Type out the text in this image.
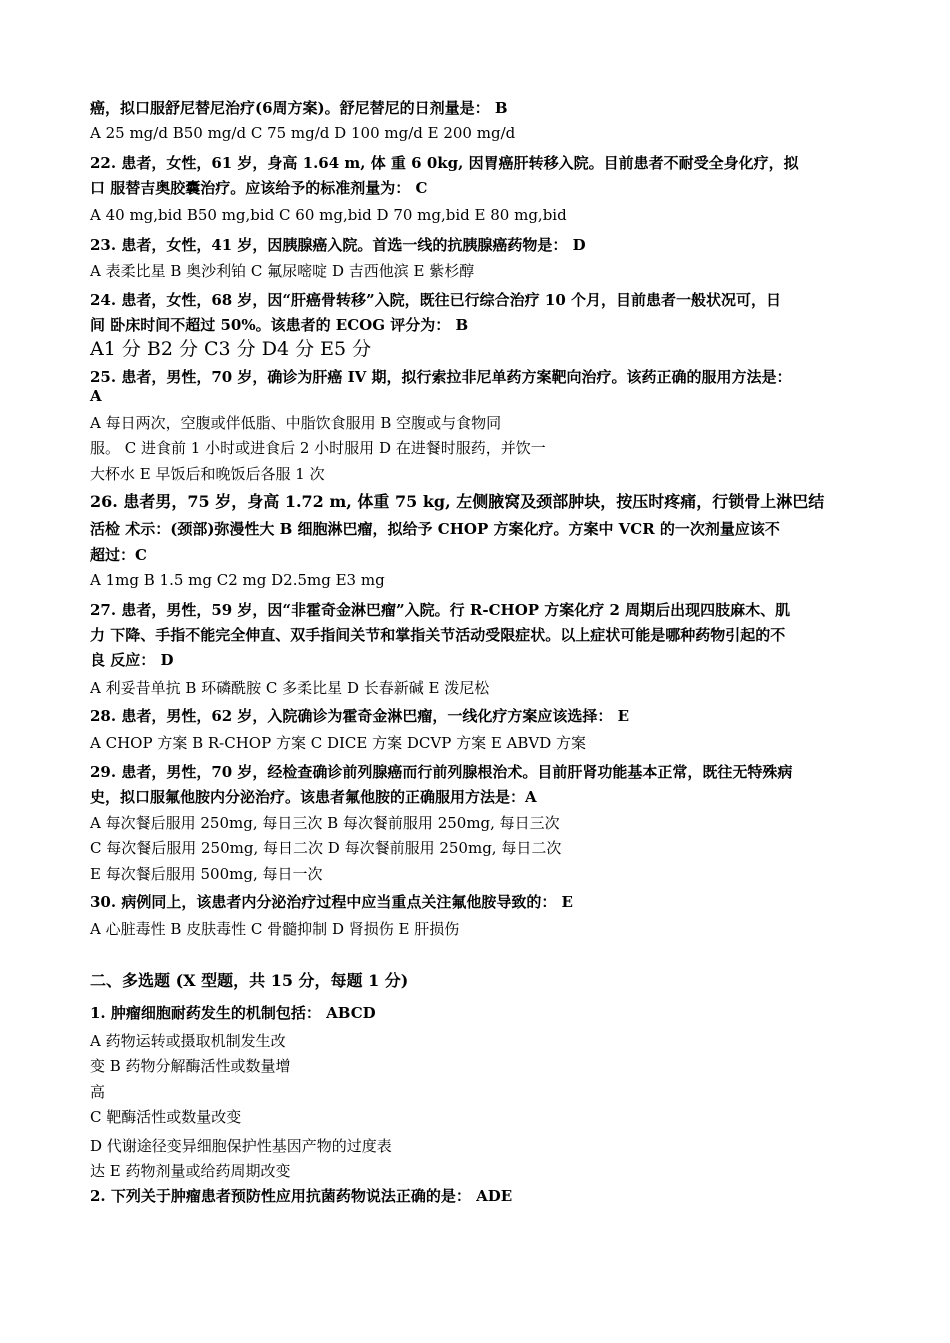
癌，拟口服舒尼替尼治疗(6周方案)。舒尼替尼的日剂量是： B

A 25 mg/d B50 mg/d C 75 mg/d D 100 mg/d E 200 mg/d

22. 患者，女性，61 岁，身高 1.64 m, 体 重 6 0kg, 因胃癌肝转移入院。目前患者不耐受全身化疗，拟

口 服替吉奥胶囊治疗。应该给予的标准剂量为： C

A 40 mg,bid B50 mg,bid C 60 mg,bid D 70 mg,bid E 80 mg,bid

23. 患者，女性，41 岁，因胰腺癌入院。首选一线的抗胰腺癌药物是： D

A 表柔比星 B 奥沙利铂 C 氟尿嘧啶 D 吉西他滨 E 紫杉醇

24. 患者，女性，68 岁，因“肝癌骨转移”入院，既往已行综合治疗 10 个月，目前患者一般状况可，日

间 卧床时间不超过 50%。该患者的 ECOG 评分为： B

A1 分 B2 分 C3 分 D4 分 E5 分

25. 患者，男性，70 岁，确诊为肝癌 IV 期，拟行索拉非尼单药方案靶向治疗。该药正确的服用方法是：

A

A 每日两次，空腹或伴低脂、中脂饮食服用 B 空腹或与食物同

服。 C 进食前 1 小时或进食后 2 小时服用 D 在进餐时服药，并饮一

大杯水 E 早饭后和晚饭后各服 1 次

26. 患者男，75 岁，身高 1.72 m, 体重 75 kg, 左侧腋窝及颈部肿块，按压时疼痛，行锁骨上淋巴结

活检 术示：(颈部)弥漫性大 B 细胞淋巴瘤，拟给予 CHOP 方案化疗。方案中 VCR 的一次剂量应该不

超过：C

A 1mg B 1.5 mg C2 mg D2.5mg E3 mg

27. 患者，男性，59 岁，因“非霍奇金淋巴瘤”入院。行 R-CHOP 方案化疗 2 周期后出现四肢麻木、肌

力 下降、手指不能完全伸直、双手指间关节和掌指关节活动受限症状。以上症状可能是哪种药物引起的不

良 反应： D

A 利妥昔单抗 B 环磷酰胺 C 多柔比星 D 长春新碱 E 泼尼松

28. 患者，男性，62 岁，入院确诊为霍奇金淋巴瘤，一线化疗方案应该选择： E

A CHOP 方案 B R-CHOP 方案 C DICE 方案 DCVP 方案 E ABVD 方案

29. 患者，男性，70 岁，经检查确诊前列腺癌而行前列腺根治术。目前肝肾功能基本正常，既往无特殊病

史，拟口服氟他胺内分泌治疗。该患者氟他胺的正确服用方法是：A

A 每次餐后服用 250mg, 每日三次 B 每次餐前服用 250mg, 每日三次

C 每次餐后服用 250mg, 每日二次 D 每次餐前服用 250mg, 每日二次

E 每次餐后服用 500mg, 每日一次

30. 病例同上，该患者内分泌治疗过程中应当重点关注氟他胺导致的： E

A 心脏毒性 B 皮肤毒性 C 骨髓抑制 D 肾损伤 E 肝损伤

二、多选题 (X 型题，共 15 分，每题 1 分)

1. 肿瘤细胞耐药发生的机制包括： ABCD

A 药物运转或摄取机制发生改

变 B 药物分解酶活性或数量增

高

C 靶酶活性或数量改变

D 代谢途径变异细胞保护性基因产物的过度表

达 E 药物剂量或给药周期改变

2. 下列关于肿瘤患者预防性应用抗菌药物说法正确的是： ADE
